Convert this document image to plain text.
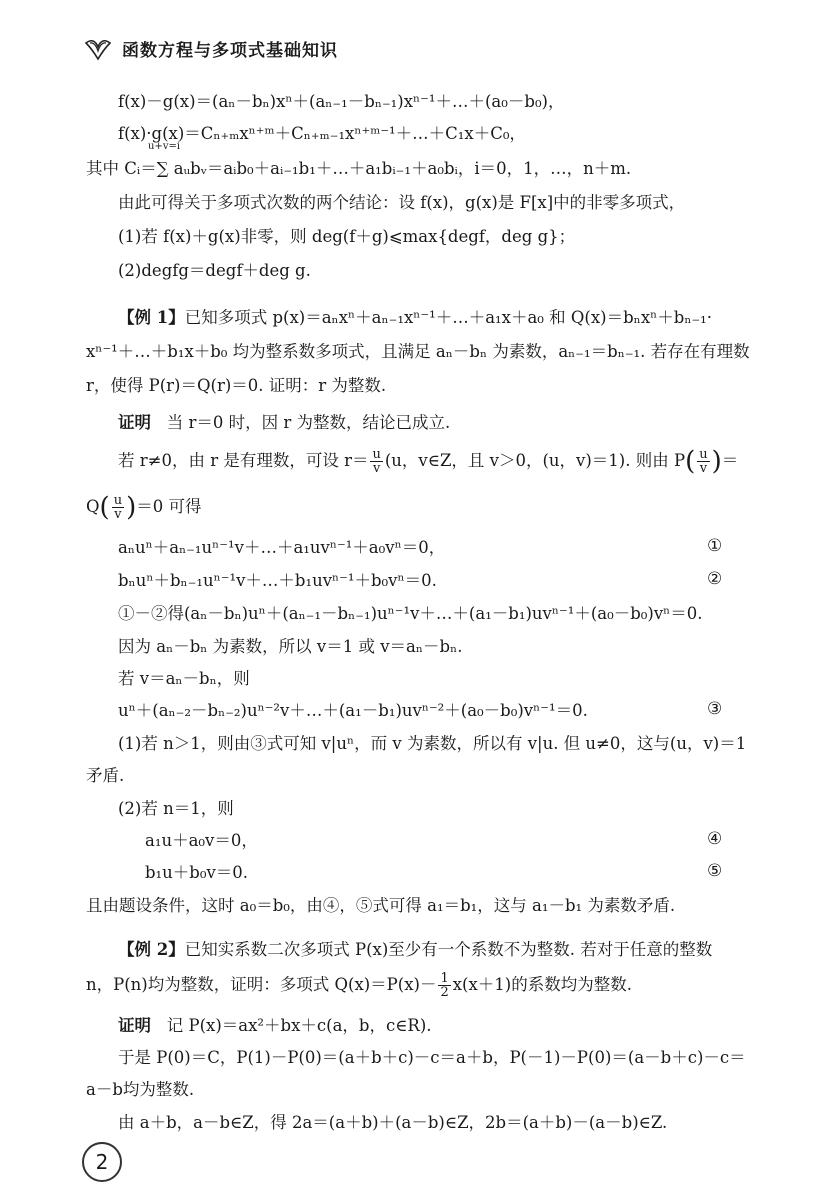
函数方程与多项式基础知识
f(x)－g(x)＝(aₙ－bₙ)xⁿ＋(aₙ₋₁－bₙ₋₁)xⁿ⁻¹＋…＋(a₀－b₀)，
f(x)·g(x)＝Cₙ₊ₘxⁿ⁺ᵐ＋Cₙ₊ₘ₋₁xⁿ⁺ᵐ⁻¹＋…＋C₁x＋C₀，
u+v=i
其中 Cᵢ＝∑ aᵤbᵥ＝aᵢb₀＋aᵢ₋₁b₁＋…＋a₁bᵢ₋₁＋a₀bᵢ，i＝0，1，…，n＋m.
由此可得关于多项式次数的两个结论：设 f(x)，g(x)是 F[x]中的非零多项式，
(1)若 f(x)＋g(x)非零，则 deg(f＋g)⩽max{degf，deg g}；
(2)degfg＝degf＋deg g.
【例 1】已知多项式 p(x)＝aₙxⁿ＋aₙ₋₁xⁿ⁻¹＋…＋a₁x＋a₀ 和 Q(x)＝bₙxⁿ＋bₙ₋₁·
xⁿ⁻¹＋…＋b₁x＋b₀ 均为整系数多项式，且满足 aₙ－bₙ 为素数，aₙ₋₁＝bₙ₋₁. 若存在有理数
r，使得 P(r)＝Q(r)＝0. 证明：r 为整数.
证明 当 r＝0 时，因 r 为整数，结论已成立.
若 r≠0，由 r 是有理数，可设 $r= \frac{u}{v} (u$，v∈Z，且 v＞0，(u，v)＝1). 则由 $P( \frac{u}{v}$ )＝
$Q( \frac{u}{v} )=0$ 可得
aₙuⁿ＋aₙ₋₁uⁿ⁻¹v＋…＋a₁uvⁿ⁻¹＋a₀vⁿ＝0，	①
bₙuⁿ＋bₙ₋₁uⁿ⁻¹v＋…＋b₁uvⁿ⁻¹＋b₀vⁿ＝0.	②
①－②得(aₙ－bₙ)uⁿ＋(aₙ₋₁－bₙ₋₁)uⁿ⁻¹v＋…＋(a₁－b₁)uvⁿ⁻¹＋(a₀－b₀)vⁿ＝0.
因为 aₙ－bₙ 为素数，所以 v＝1 或 v＝aₙ－bₙ.
若 v＝aₙ－bₙ，则
uⁿ＋(aₙ₋₂－bₙ₋₂)uⁿ⁻²v＋…＋(a₁－b₁)uvⁿ⁻²＋(a₀－b₀)vⁿ⁻¹＝0.	③
(1)若 n＞1，则由③式可知 v|uⁿ，而 v 为素数，所以有 v|u. 但 u≠0，这与(u，v)＝1
矛盾.
(2)若 n＝1，则
a₁u＋a₀v＝0，	④
b₁u＋b₀v＝0.	⑤
且由题设条件，这时 a₀＝b₀，由④，⑤式可得 a₁＝b₁，这与 a₁－b₁ 为素数矛盾.
【例 2】已知实系数二次多项式 P(x)至少有一个系数不为整数. 若对于任意的整数
n，P(n)均为整数，证明：多项式 $Q(x)=P(x)- \frac{1}{2} x(x+1)$的系数均为整数.
证明 记 P(x)＝ax²＋bx＋c(a，b，c∈R).
于是 P(0)＝C，P(1)－P(0)＝(a＋b＋c)－c＝a＋b，P(－1)－P(0)＝(a－b＋c)－c＝
a－b均为整数.
由 a＋b，a－b∈Z，得 2a＝(a＋b)＋(a－b)∈Z，2b＝(a＋b)－(a－b)∈Z.
2
